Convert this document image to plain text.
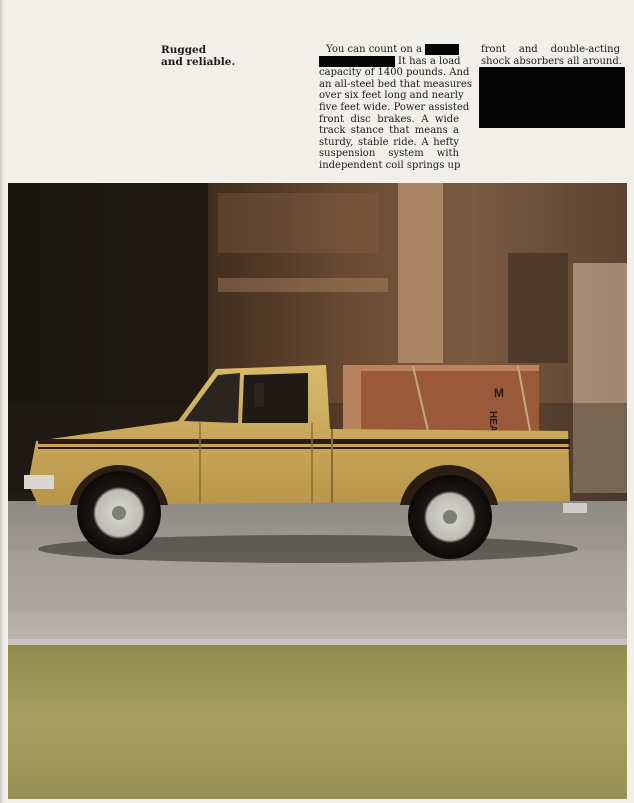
Rugged
and reliable.
You can count on a
It has a load
capacity of 1400 pounds. And
an all-steel bed that measures
over six feet long and nearly
five feet wide. Power assisted
front disc brakes. A wide
track stance that means a
sturdy, stable ride. A hefty
suspension system with
independent coil springs up
front and double-acting
shock absorbers all around.
M
